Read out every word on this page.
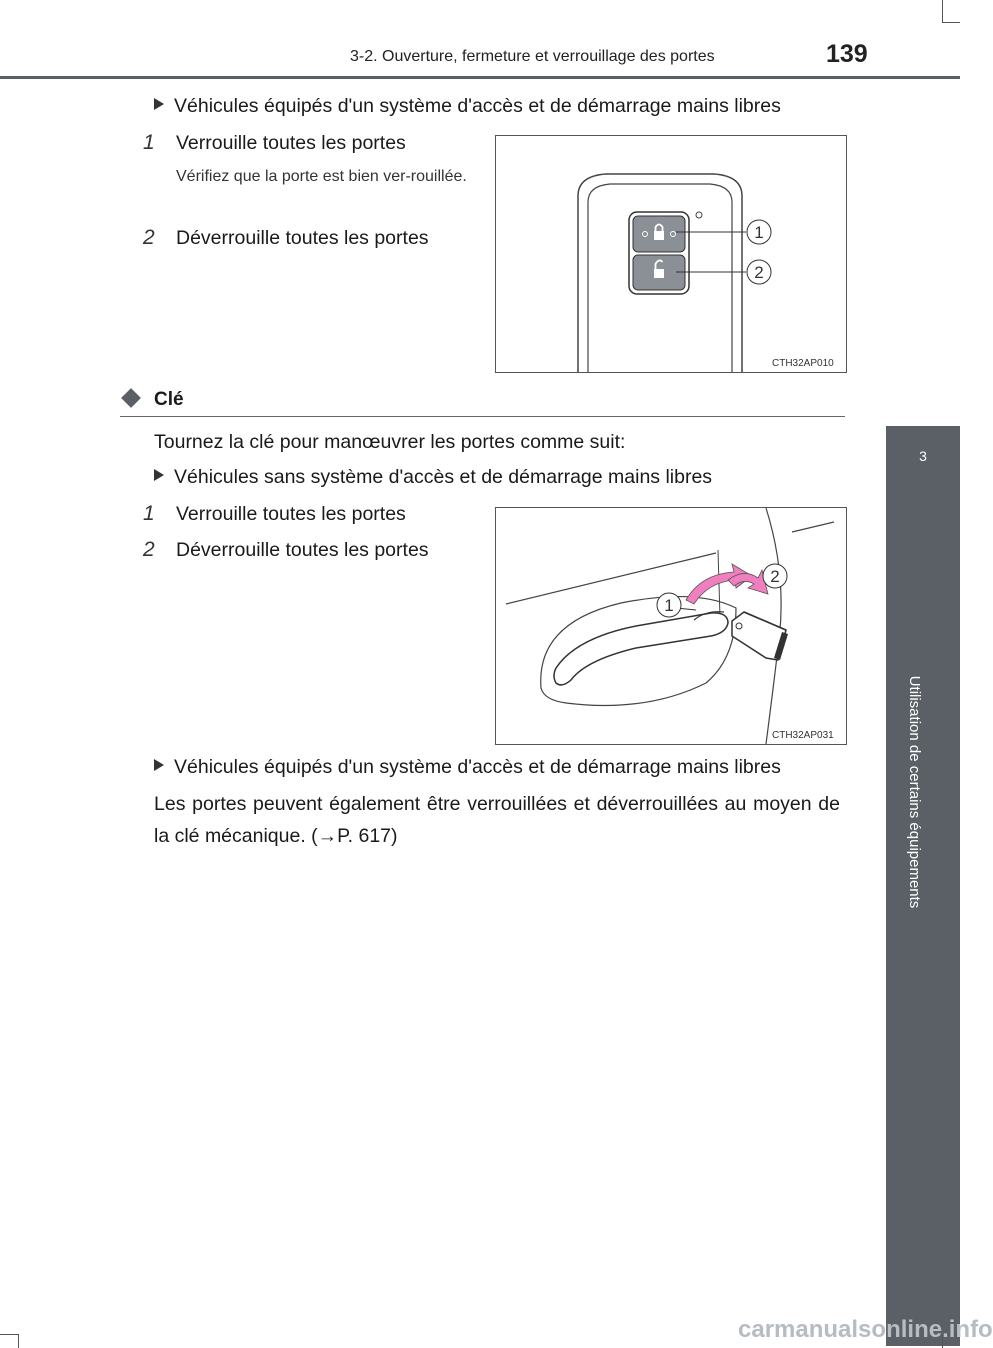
3-2. Ouverture, fermeture et verrouillage des portes	139
3
Utilisation de certains équipements
Véhicules équipés d'un système d'accès et de démarrage mains libres
1 Verrouille toutes les portes
Vérifiez que la porte est bien ver-rouillée.
2 Déverrouille toutes les portes	1
2
CTH32AP010
Clé
Tournez la clé pour manœuvrer les portes comme suit:
Véhicules sans système d'accès et de démarrage mains libres
1 Verrouille toutes les portes
2 Déverrouille toutes les portes
1
2
CTH32AP031
Véhicules équipés d'un système d'accès et de démarrage mains libres
Les portes peuvent également être verrouillées et déverrouillées au moyen de la clé mécanique. (→P. 617)
carmanualsonline.info
